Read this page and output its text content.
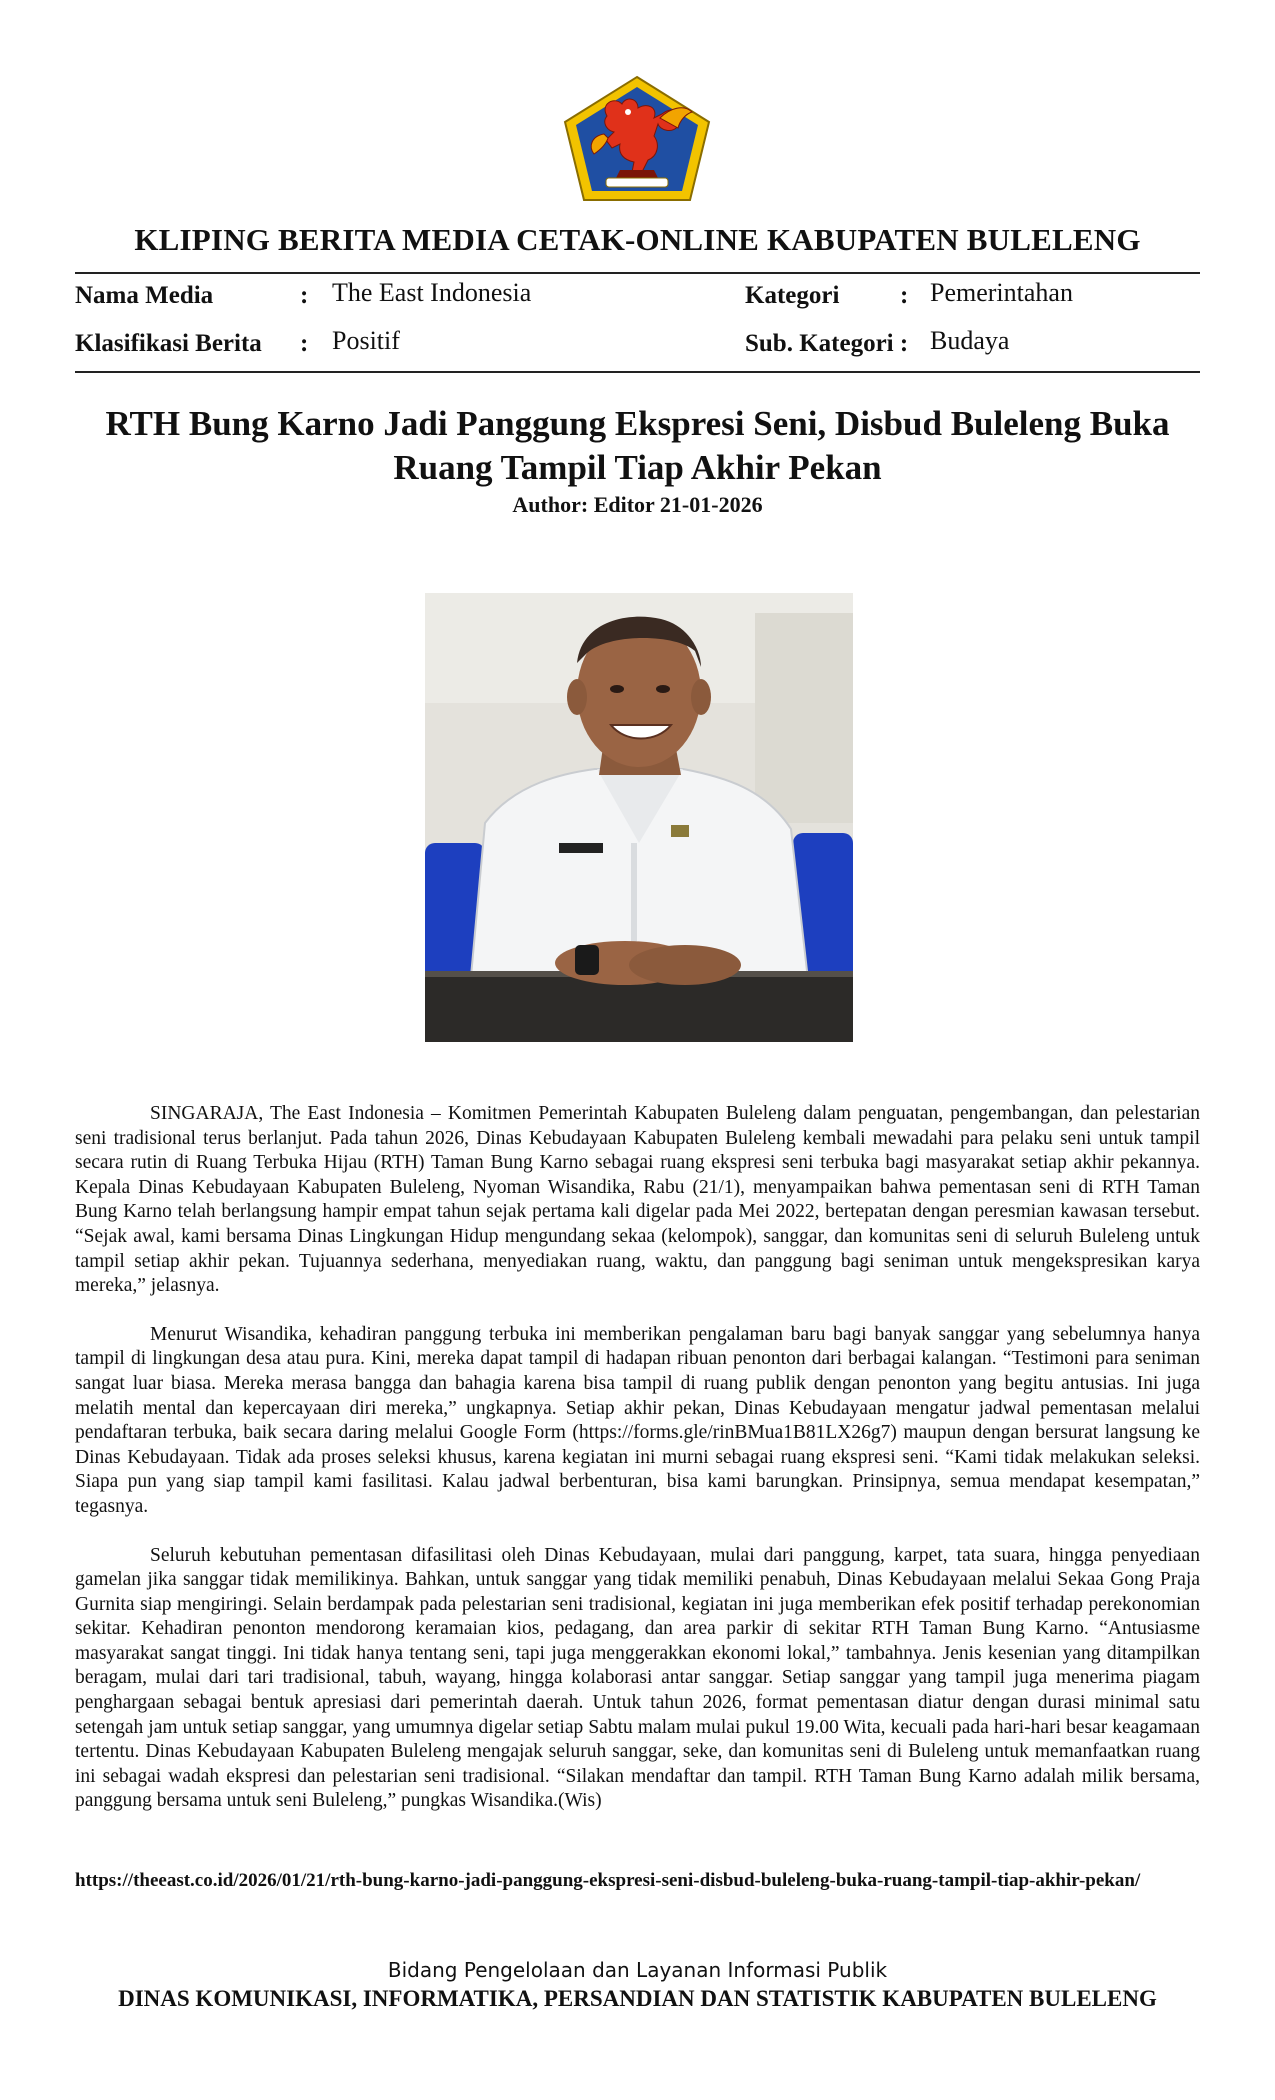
KLIPING BERITA MEDIA CETAK-ONLINE KABUPATEN BULELENG
Nama Media	: The East Indonesia	Kategori : Pemerintahan
Klasifikasi Berita : Positif	Sub. Kategori : Budaya
RTH Bung Karno Jadi Panggung Ekspresi Seni, Disbud Buleleng Buka Ruang Tampil Tiap Akhir Pekan
Author: Editor 21-01-2026

SINGARAJA, The East Indonesia – Komitmen Pemerintah Kabupaten Buleleng dalam penguatan, pengembangan, dan pelestarian seni tradisional terus berlanjut. Pada tahun 2026, Dinas Kebudayaan Kabupaten Buleleng kembali mewadahi para pelaku seni untuk tampil secara rutin di Ruang Terbuka Hijau (RTH) Taman Bung Karno sebagai ruang ekspresi seni terbuka bagi masyarakat setiap akhir pekannya. Kepala Dinas Kebudayaan Kabupaten Buleleng, Nyoman Wisandika, Rabu (21/1), menyampaikan bahwa pementasan seni di RTH Taman Bung Karno telah berlangsung hampir empat tahun sejak pertama kali digelar pada Mei 2022, bertepatan dengan peresmian kawasan tersebut. “Sejak awal, kami bersama Dinas Lingkungan Hidup mengundang sekaa (kelompok), sanggar, dan komunitas seni di seluruh Buleleng untuk tampil setiap akhir pekan. Tujuannya sederhana, menyediakan ruang, waktu, dan panggung bagi seniman untuk mengekspresikan karya mereka,” jelasnya.

Menurut Wisandika, kehadiran panggung terbuka ini memberikan pengalaman baru bagi banyak sanggar yang sebelumnya hanya tampil di lingkungan desa atau pura. Kini, mereka dapat tampil di hadapan ribuan penonton dari berbagai kalangan. “Testimoni para seniman sangat luar biasa. Mereka merasa bangga dan bahagia karena bisa tampil di ruang publik dengan penonton yang begitu antusias. Ini juga melatih mental dan kepercayaan diri mereka,” ungkapnya. Setiap akhir pekan, Dinas Kebudayaan mengatur jadwal pementasan melalui pendaftaran terbuka, baik secara daring melalui Google Form (https://forms.gle/rinBMua1B81LX26g7) maupun dengan bersurat langsung ke Dinas Kebudayaan. Tidak ada proses seleksi khusus, karena kegiatan ini murni sebagai ruang ekspresi seni. “Kami tidak melakukan seleksi. Siapa pun yang siap tampil kami fasilitasi. Kalau jadwal berbenturan, bisa kami barungkan. Prinsipnya, semua mendapat kesempatan,” tegasnya.

Seluruh kebutuhan pementasan difasilitasi oleh Dinas Kebudayaan, mulai dari panggung, karpet, tata suara, hingga penyediaan gamelan jika sanggar tidak memilikinya. Bahkan, untuk sanggar yang tidak memiliki penabuh, Dinas Kebudayaan melalui Sekaa Gong Praja Gurnita siap mengiringi. Selain berdampak pada pelestarian seni tradisional, kegiatan ini juga memberikan efek positif terhadap perekonomian sekitar. Kehadiran penonton mendorong keramaian kios, pedagang, dan area parkir di sekitar RTH Taman Bung Karno. “Antusiasme masyarakat sangat tinggi. Ini tidak hanya tentang seni, tapi juga menggerakkan ekonomi lokal,” tambahnya. Jenis kesenian yang ditampilkan beragam, mulai dari tari tradisional, tabuh, wayang, hingga kolaborasi antar sanggar. Setiap sanggar yang tampil juga menerima piagam penghargaan sebagai bentuk apresiasi dari pemerintah daerah. Untuk tahun 2026, format pementasan diatur dengan durasi minimal satu setengah jam untuk setiap sanggar, yang umumnya digelar setiap Sabtu malam mulai pukul 19.00 Wita, kecuali pada hari-hari besar keagamaan tertentu. Dinas Kebudayaan Kabupaten Buleleng mengajak seluruh sanggar, seke, dan komunitas seni di Buleleng untuk memanfaatkan ruang ini sebagai wadah ekspresi dan pelestarian seni tradisional. “Silakan mendaftar dan tampil. RTH Taman Bung Karno adalah milik bersama, panggung bersama untuk seni Buleleng,” pungkas Wisandika.(Wis)

https://theeast.co.id/2026/01/21/rth-bung-karno-jadi-panggung-ekspresi-seni-disbud-buleleng-buka-ruang-tampil-tiap-akhir-pekan/
Bidang Pengelolaan dan Layanan Informasi Publik
DINAS KOMUNIKASI, INFORMATIKA, PERSANDIAN DAN STATISTIK KABUPATEN BULELENG
